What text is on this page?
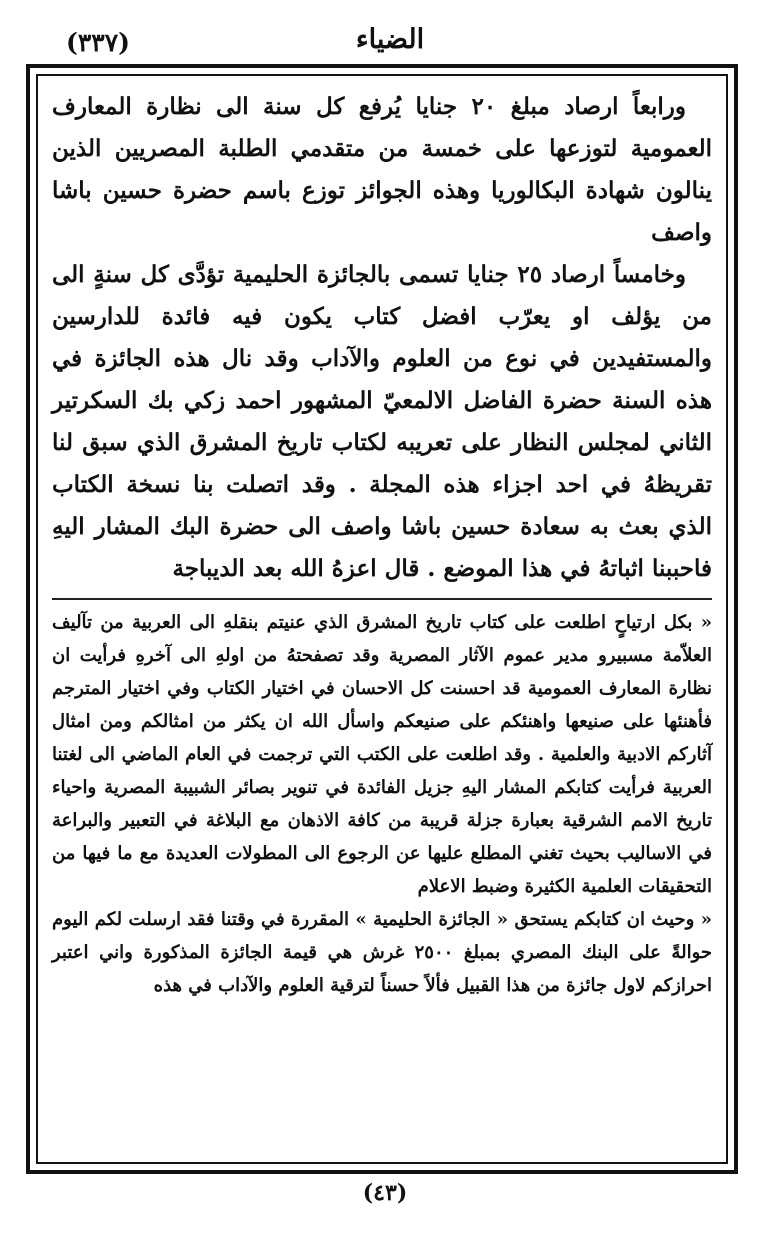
(٣٣٧)	الضياء

ورابعاً ارصاد مبلغ ٢٠ جنايا يُرفع كل سنة الى نظارة المعارف العمومية لتوزعها على خمسة من متقدمي الطلبة المصريين الذين ينالون شهادة البكالوريا وهذه الجوائز توزع باسم حضرة حسين باشا واصف

وخامساً ارصاد ٢٥ جنايا تسمى بالجائزة الحليمية تؤدَّى كل سنةٍ الى من يؤلف او يعرّب افضل كتاب يكون فيه فائدة للدارسين والمستفيدين في نوع من العلوم والآداب وقد نال هذه الجائزة في هذه السنة حضرة الفاضل الالمعيّ المشهور احمد زكي بك السكرتير الثاني لمجلس النظار على تعريبه لكتاب تاريخ المشرق الذي سبق لنا تقريظهُ في احد اجزاء هذه المجلة . وقد اتصلت بنا نسخة الكتاب الذي بعث به سعادة حسين باشا واصف الى حضرة البك المشار اليهِ فاحببنا اثباتهُ في هذا الموضع . قال اعزهُ الله بعد الديباجة

« بكل ارتياحٍ اطلعت على كتاب تاريخ المشرق الذي عنيتم بنقلهِ الى العربية من تآليف العلاّمة مسبيرو مدير عموم الآثار المصرية وقد تصفحتهُ من اولهِ الى آخرهِ فرأيت ان نظارة المعارف العمومية قد احسنت كل الاحسان في اختيار الكتاب وفي اختيار المترجم فأهنئها على صنيعها واهنئكم على صنيعكم واسأل الله ان يكثر من امثالكم ومن امثال آثاركم الادبية والعلمية . وقد اطلعت على الكتب التي ترجمت في العام الماضي الى لغتنا العربية فرأيت كتابكم المشار اليهِ جزيل الفائدة في تنوير بصائر الشبيبة المصرية واحياء تاريخ الامم الشرقية بعبارة جزلة قريبة من كافة الاذهان مع البلاغة في التعبير والبراعة في الاساليب بحيث تغني المطلع عليها عن الرجوع الى المطولات العديدة مع ما فيها من التحقيقات العلمية الكثيرة وضبط الاعلام

« وحيث ان كتابكم يستحق « الجائزة الحليمية » المقررة في وقتنا فقد ارسلت لكم اليوم حوالةً على البنك المصري بمبلغ ٢٥٠٠ غرش هي قيمة الجائزة المذكورة واني اعتبر احرازكم لاول جائزة من هذا القبيل فألاً حسناً لترقية العلوم والآداب في هذه

(٤٣)
